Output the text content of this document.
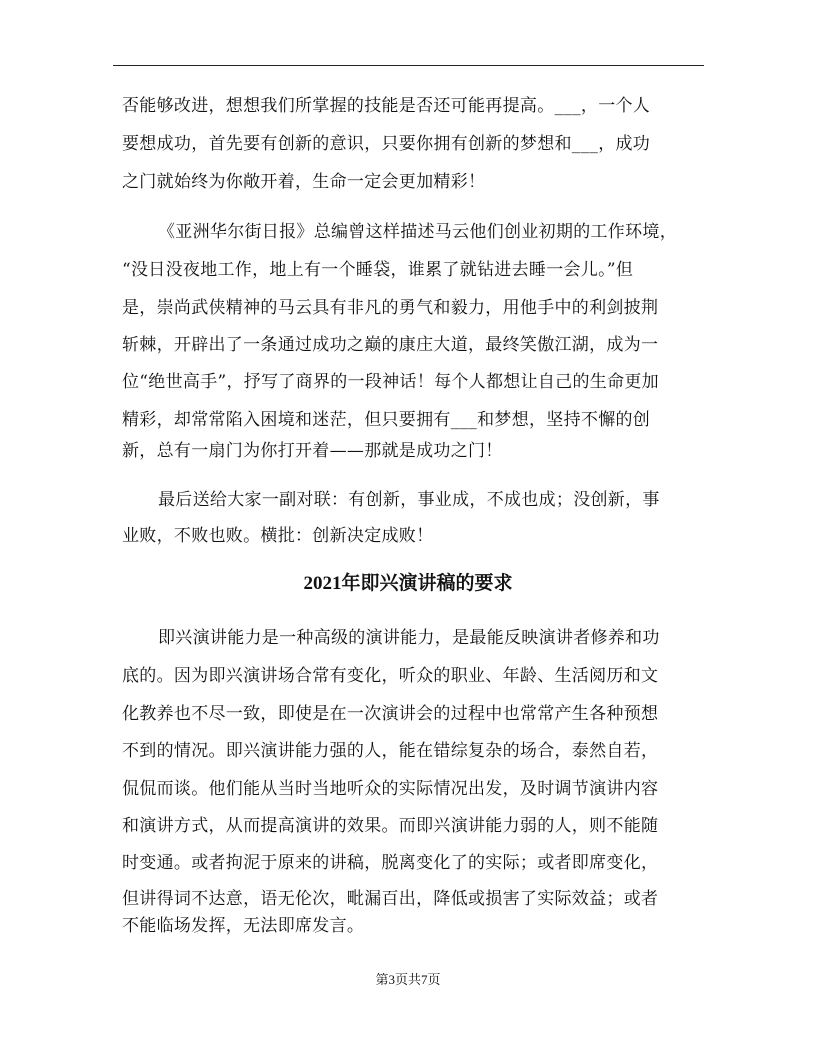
否能够改进，想想我们所掌握的技能是否还可能再提高。___，一个人
要想成功，首先要有创新的意识，只要你拥有创新的梦想和___，成功
之门就始终为你敞开着，生命一定会更加精彩！
《亚洲华尔街日报》总编曾这样描述马云他们创业初期的工作环境，
“没日没夜地工作，地上有一个睡袋，谁累了就钻进去睡一会儿。”但
是，崇尚武侠精神的马云具有非凡的勇气和毅力，用他手中的利剑披荆
斩棘，开辟出了一条通过成功之巅的康庄大道，最终笑傲江湖，成为一
位“绝世高手”，抒写了商界的一段神话！每个人都想让自己的生命更加
精彩，却常常陷入困境和迷茫，但只要拥有___和梦想，坚持不懈的创
新，总有一扇门为你打开着——那就是成功之门！
最后送给大家一副对联：有创新，事业成，不成也成；没创新，事
业败，不败也败。横批：创新决定成败！
2021年即兴演讲稿的要求
即兴演讲能力是一种高级的演讲能力，是最能反映演讲者修养和功
底的。因为即兴演讲场合常有变化，听众的职业、年龄、生活阅历和文
化教养也不尽一致，即使是在一次演讲会的过程中也常常产生各种预想
不到的情况。即兴演讲能力强的人，能在错综复杂的场合，泰然自若，
侃侃而谈。他们能从当时当地听众的实际情况出发，及时调节演讲内容
和演讲方式，从而提高演讲的效果。而即兴演讲能力弱的人，则不能随
时变通。或者拘泥于原来的讲稿，脱离变化了的实际；或者即席变化，
但讲得词不达意，语无伦次，毗漏百出，降低或损害了实际效益；或者
不能临场发挥，无法即席发言。
第3页共7页
